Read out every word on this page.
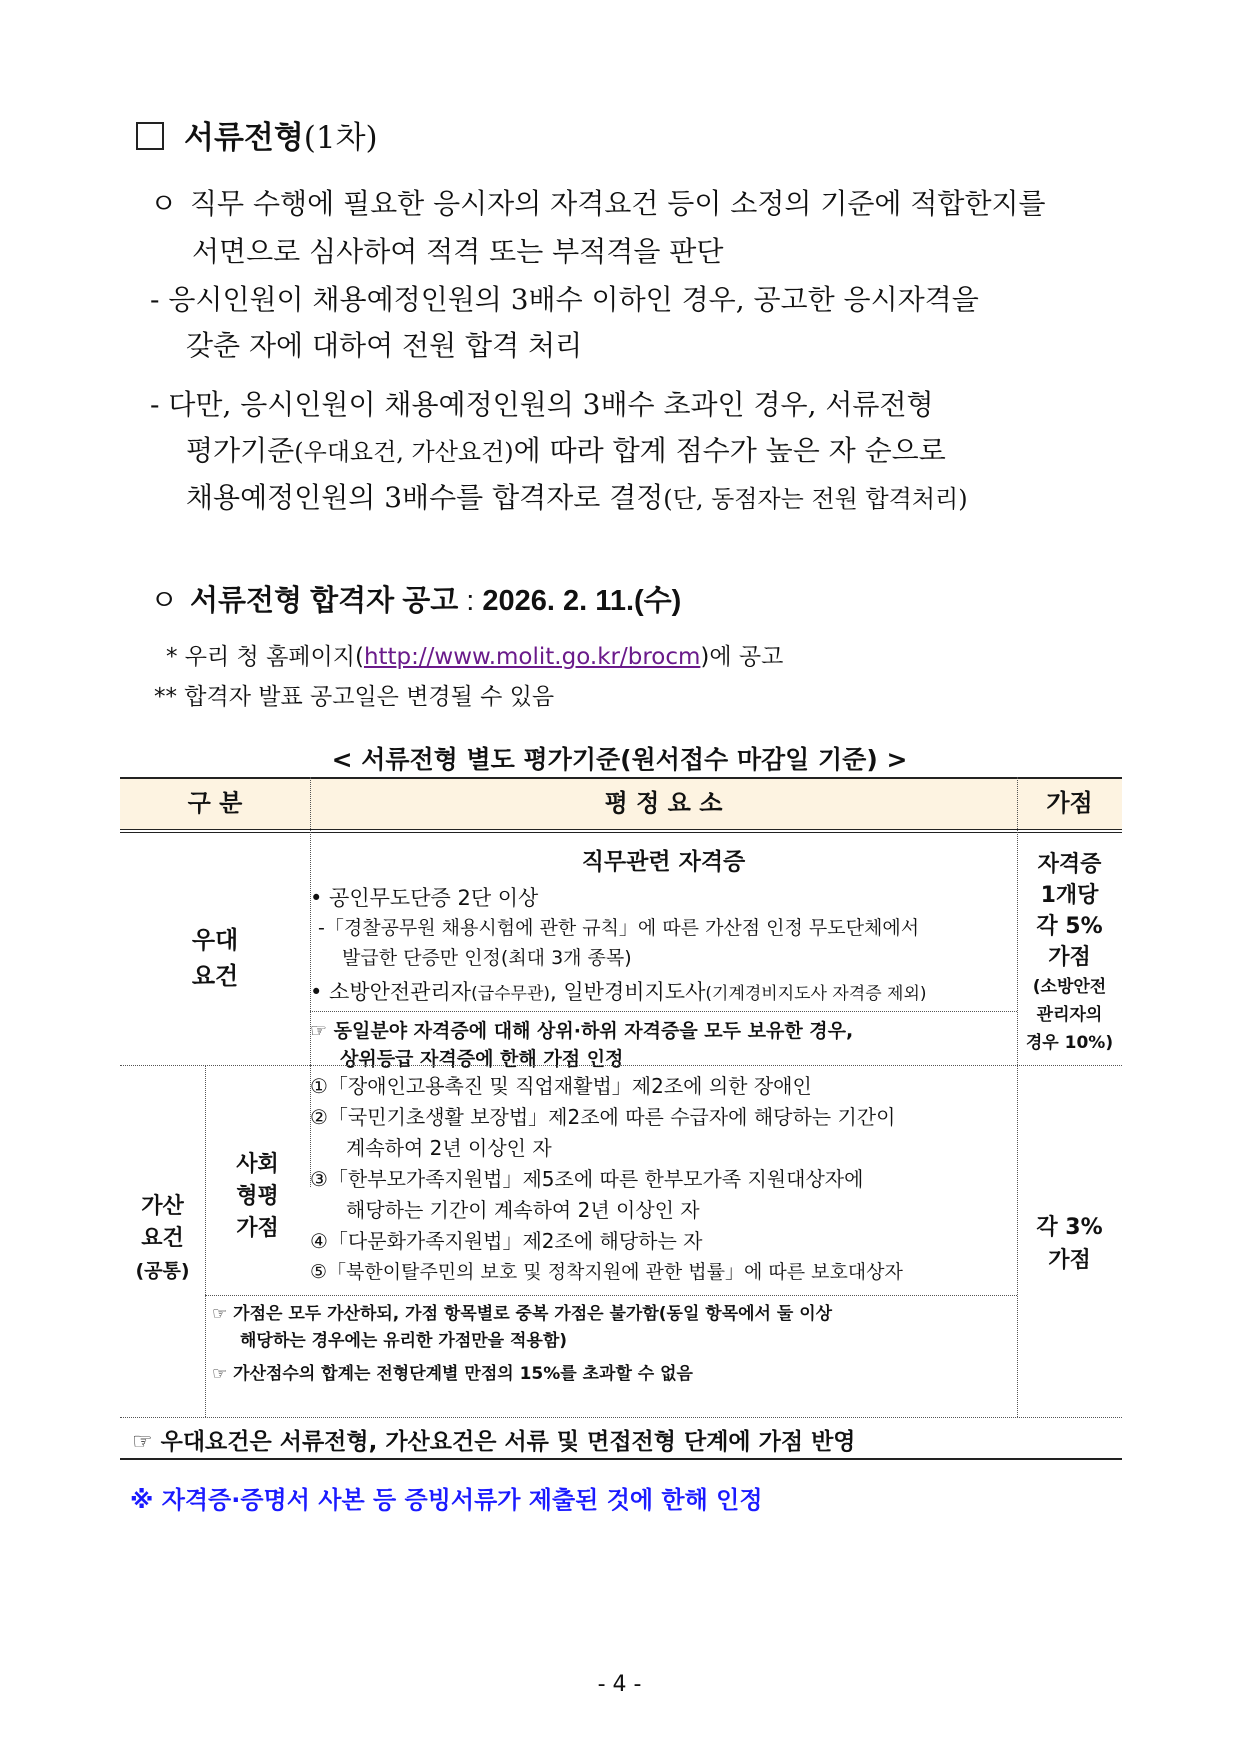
서류전형(1차)
ㅇ 직무 수행에 필요한 응시자의 자격요건 등이 소정의 기준에 적합한지를
서면으로 심사하여 적격 또는 부적격을 판단
- 응시인원이 채용예정인원의 3배수 이하인 경우, 공고한 응시자격을
갖춘 자에 대하여 전원 합격 처리
- 다만, 응시인원이 채용예정인원의 3배수 초과인 경우, 서류전형
평가기준(우대요건, 가산요건)에 따라 합계 점수가 높은 자 순으로
채용예정인원의 3배수를 합격자로 결정(단, 동점자는 전원 합격처리)
ㅇ 서류전형 합격자 공고 : 2026. 2. 11.(수)
* 우리 청 홈페이지(http://www.molit.go.kr/brocm)에 공고
** 합격자 발표 공고일은 변경될 수 있음
< 서류전형 별도 평가기준(원서접수 마감일 기준) >
구 분	평 정 요 소	가점
우대
요건
직무관련 자격증
• 공인무도단증 2단 이상
-「경찰공무원 채용시험에 관한 규칙」에 따른 가산점 인정 무도단체에서
발급한 단증만 인정(최대 3개 종목)
• 소방안전관리자(급수무관), 일반경비지도사(기계경비지도사 자격증 제외)
☞ 동일분야 자격증에 대해 상위·하위 자격증을 모두 보유한 경우,
상위등급 자격증에 한해 가점 인정
자격증
1개당
각 5%
가점
(소방안전
관리자의
경우 10%)
가산
요건
(공통)
사회
형평
가점
①「장애인고용촉진 및 직업재활법」제2조에 의한 장애인
②「국민기초생활 보장법」제2조에 따른 수급자에 해당하는 기간이
계속하여 2년 이상인 자
③「한부모가족지원법」제5조에 따른 한부모가족 지원대상자에
해당하는 기간이 계속하여 2년 이상인 자
④「다문화가족지원법」제2조에 해당하는 자
⑤「북한이탈주민의 보호 및 정착지원에 관한 법률」에 따른 보호대상자
☞ 가점은 모두 가산하되, 가점 항목별로 중복 가점은 불가함(동일 항목에서 둘 이상
해당하는 경우에는 유리한 가점만을 적용함)
☞ 가산점수의 합계는 전형단계별 만점의 15%를 초과할 수 없음
각 3%
가점
☞ 우대요건은 서류전형, 가산요건은 서류 및 면접전형 단계에 가점 반영
※ 자격증·증명서 사본 등 증빙서류가 제출된 것에 한해 인정
- 4 -
